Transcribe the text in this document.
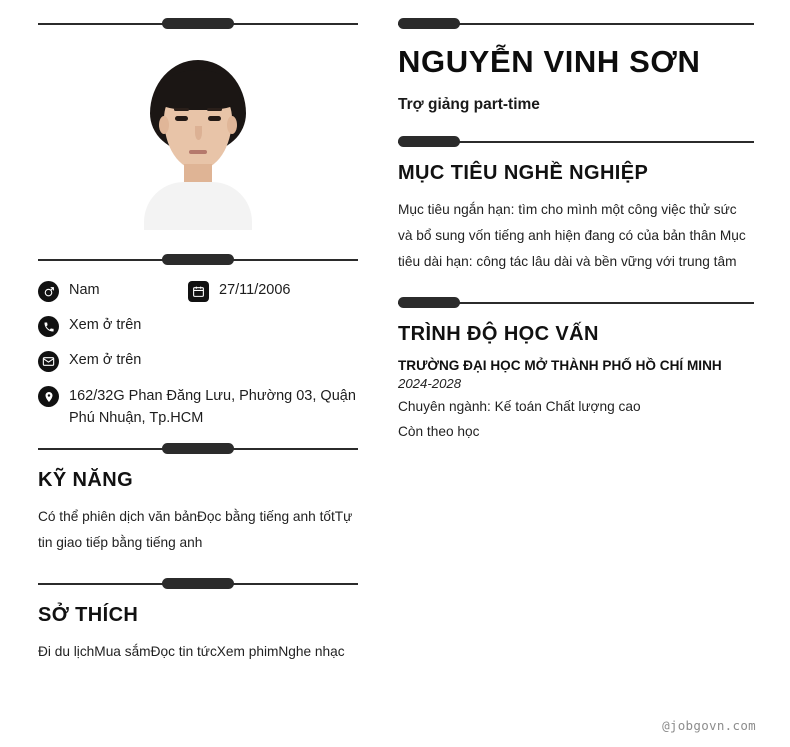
Nam	27/11/2006
Xem ở trên
Xem ở trên
162/32G Phan Đăng Lưu, Phường 03, Quận Phú Nhuận, Tp.HCM
KỸ NĂNG
Có thể phiên dịch văn bảnĐọc bằng tiếng anh tốtTự tin giao tiếp bằng tiếng anh
SỞ THÍCH
Đi du lịchMua sắmĐọc tin tứcXem phimNghe nhạc
NGUYỄN VINH SƠN
Trợ giảng part-time
MỤC TIÊU NGHỀ NGHIỆP
Mục tiêu ngắn hạn: tìm cho mình một công việc thử sức và bổ sung vốn tiếng anh hiện đang có của bản thân Mục tiêu dài hạn: công tác lâu dài và bền vững với trung tâm
TRÌNH ĐỘ HỌC VẤN
TRƯỜNG ĐẠI HỌC MỞ THÀNH PHỐ HỒ CHÍ MINH
2024-2028
Chuyên ngành: Kế toán Chất lượng cao
Còn theo học
@jobgovn.com
